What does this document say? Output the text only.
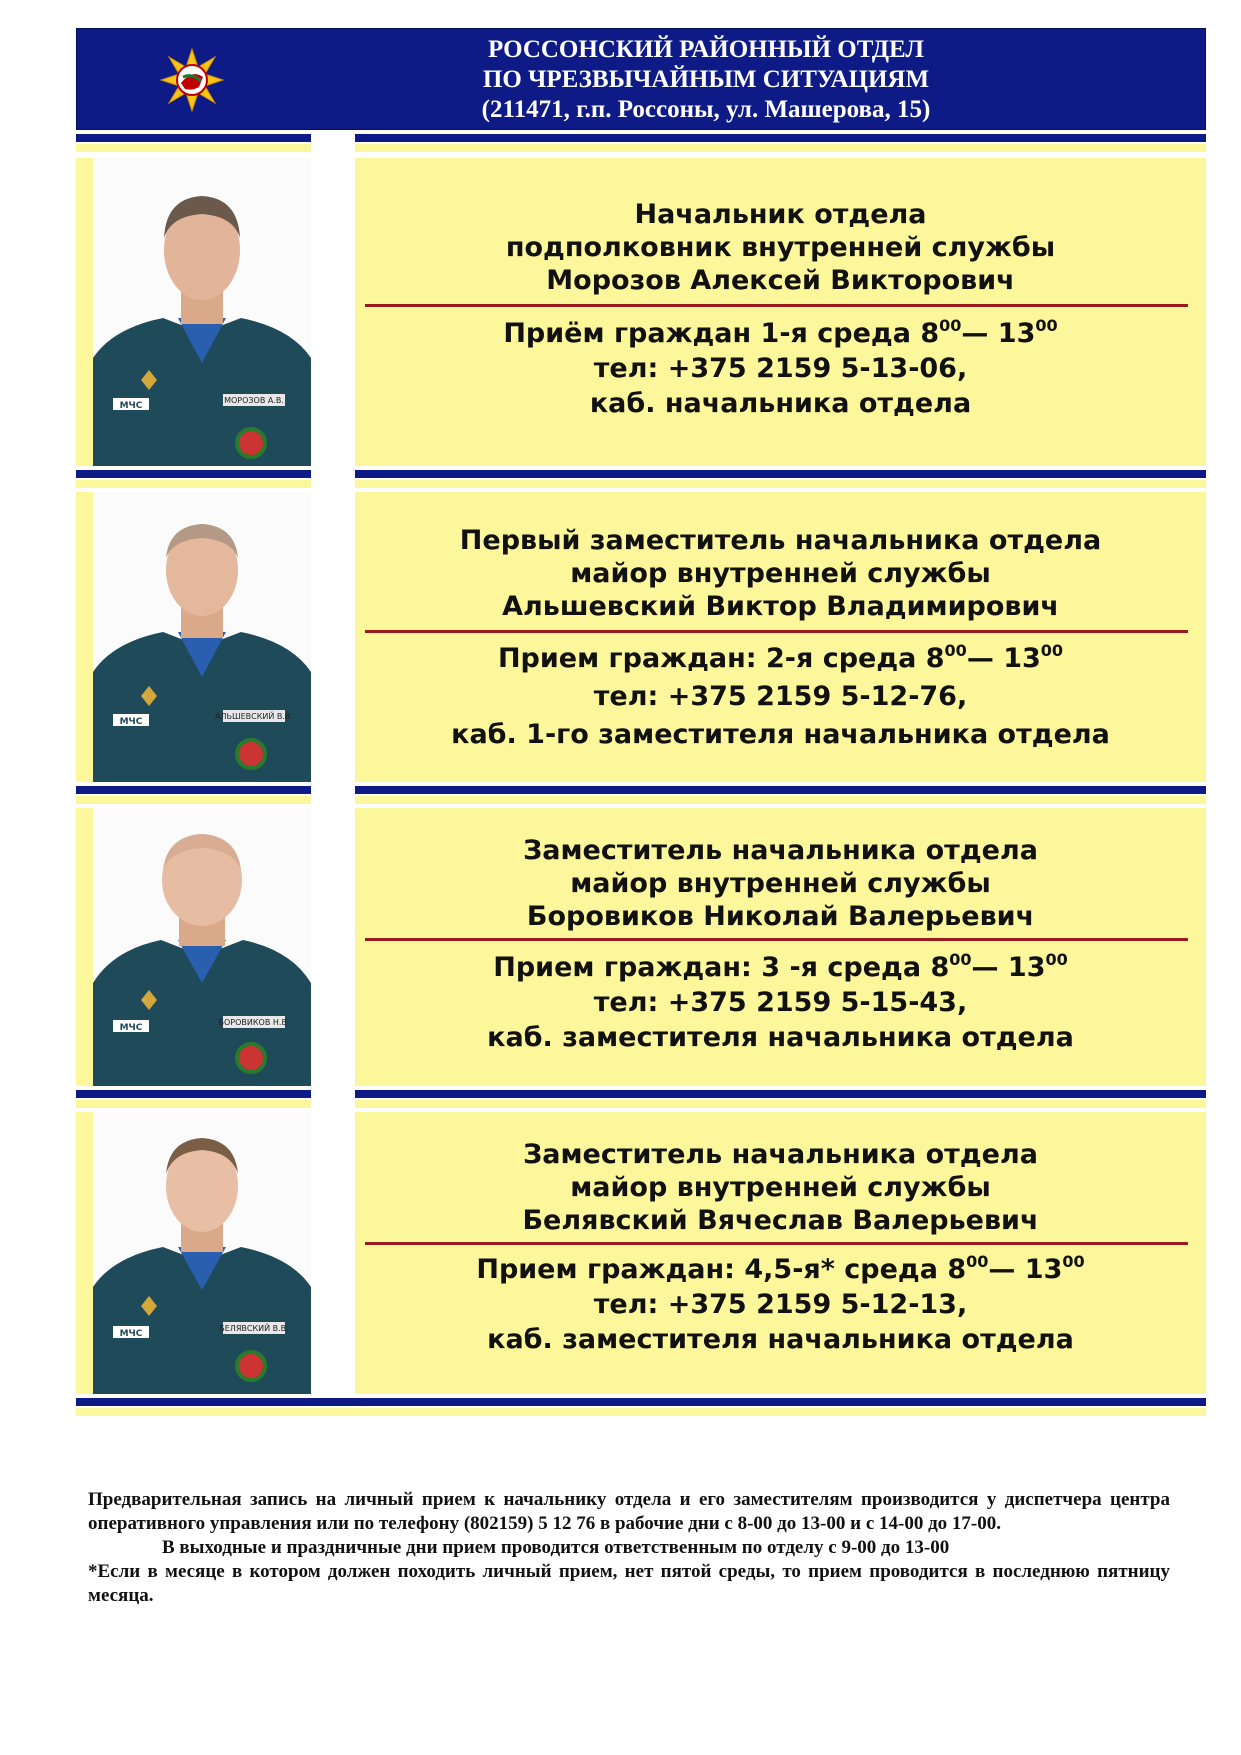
РОССОНСКИЙ РАЙОННЫЙ ОТДЕЛ
ПО ЧРЕЗВЫЧАЙНЫМ СИТУАЦИЯМ
(211471, г.п. Россоны, ул. Машерова, 15)
МЧС
МОРОЗОВ А.В.
Начальник отдела
подполковник внутренней службы
Морозов Алексей Викторович
Приём граждан 1-я среда $8^{00}—$ $13^{00}$
тел: +375 2159 5-13-06,
каб. начальника отдела
МЧС
АЛЬШЕВСКИЙ В.В.
Первый заместитель начальника отдела
майор внутренней службы
Альшевский Виктор Владимирович
Прием граждан: 2-я среда $8^{00}—$ $13^{00}$
тел: +375 2159 5-12-76,
каб. 1-го заместителя начальника отдела
МЧС
БОРОВИКОВ Н.В.
Заместитель начальника отдела
майор внутренней службы
Боровиков Николай Валерьевич
Прием граждан: 3 -я среда $8^{00}—$ $13^{00}$
тел: +375 2159 5-15-43,
каб. заместителя начальника отдела
МЧС
БЕЛЯВСКИЙ В.В.
Заместитель начальника отдела
майор внутренней службы
Белявский Вячеслав Валерьевич
Прием граждан: 4,5-я* среда $8^{00}—$ $13^{00}$
тел: +375 2159 5-12-13,
каб. заместителя начальника отдела

Предварительная запись на личный прием к начальнику отдела и его заместителям производится у диспетчера центра оперативного управления или по телефону (802159) 5 12 76 в рабочие дни с 8-00 до 13-00 и с 14-00 до 17-00.

В выходные и праздничные дни прием проводится ответственным по отделу с 9-00 до 13-00

*Если в месяце в котором должен походить личный прием, нет пятой среды, то прием проводится в последнюю пятницу месяца.
